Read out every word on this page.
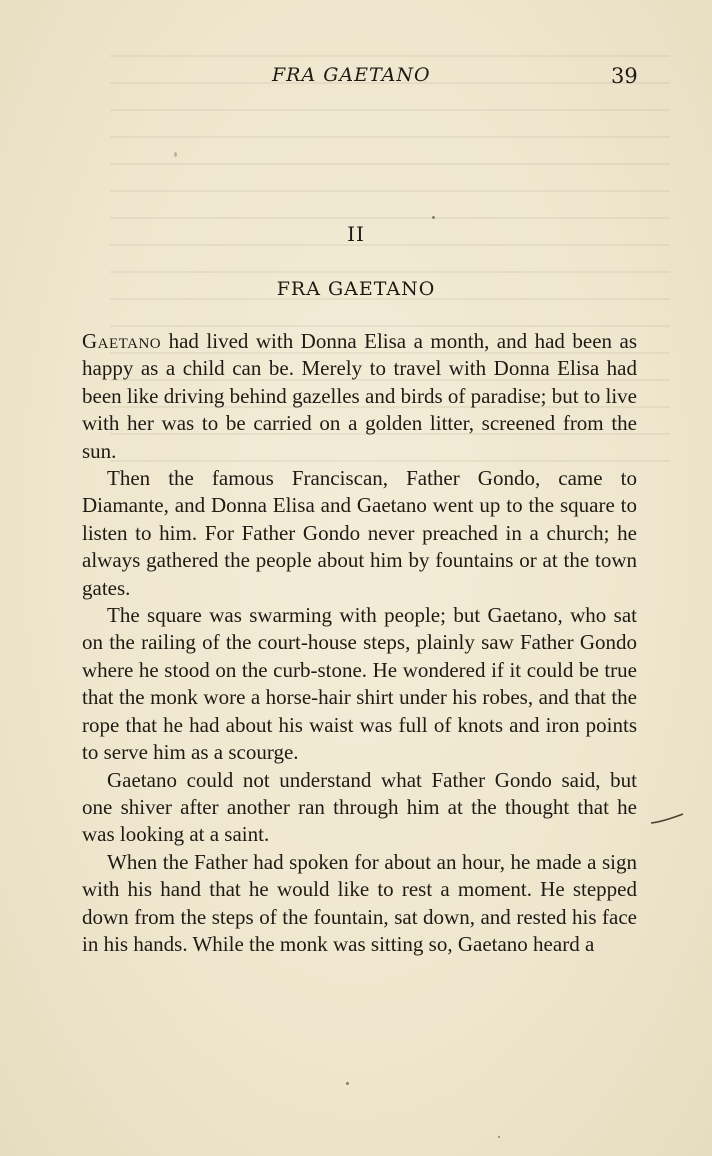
FRA GAETANO	39
II
FRA GAETANO

Gaetano had lived with Donna Elisa a month, and had been as happy as a child can be. Merely to travel with Donna Elisa had been like driving behind gazelles and birds of paradise; but to live with her was to be carried on a golden litter, screened from the sun.

Then the famous Franciscan, Father Gondo, came to Diamante, and Donna Elisa and Gaetano went up to the square to listen to him. For Father Gondo never preached in a church; he always gathered the people about him by fountains or at the town gates.

The square was swarming with people; but Gaetano, who sat on the railing of the court-house steps, plainly saw Father Gondo where he stood on the curb-stone. He wondered if it could be true that the monk wore a horse-hair shirt under his robes, and that the rope that he had about his waist was full of knots and iron points to serve him as a scourge.

Gaetano could not understand what Father Gondo said, but one shiver after another ran through him at the thought that he was looking at a saint.

When the Father had spoken for about an hour, he made a sign with his hand that he would like to rest a moment. He stepped down from the steps of the fountain, sat down, and rested his face in his hands. While the monk was sitting so, Gaetano heard a
